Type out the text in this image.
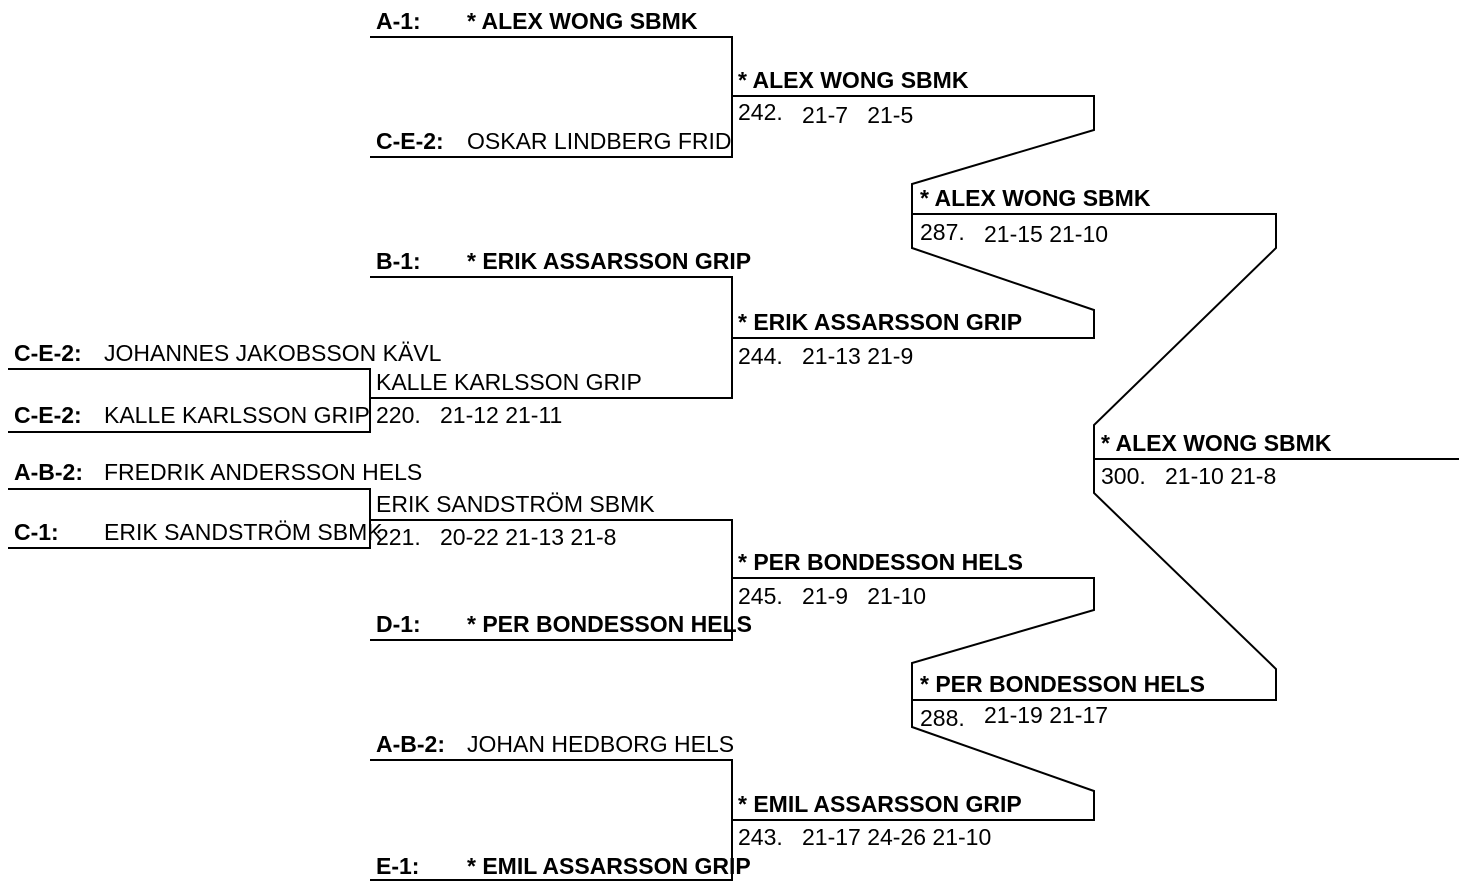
C-E-2: JOHANNES JAKOBSSON KÄVL
C-E-2: KALLE KARLSSON GRIP
A-B-2: FREDRIK ANDERSSON HELS
C-1: ERIK SANDSTRÖM SBMK
KALLE KARLSSON GRIP
220. 21-12 21-11
ERIK SANDSTRÖM SBMK
221. 20-22 21-13 21-8
A-1: * ALEX WONG SBMK
C-E-2: OSKAR LINDBERG FRID
B-1: * ERIK ASSARSSON GRIP
D-1: * PER BONDESSON HELS
A-B-2: JOHAN HEDBORG HELS
E-1: * EMIL ASSARSSON GRIP
* ALEX WONG SBMK
242. 21-7   21-5
* ERIK ASSARSSON GRIP
244. 21-13 21-9
* PER BONDESSON HELS
245. 21-9   21-10
* EMIL ASSARSSON GRIP
243. 21-17 24-26 21-10
* ALEX WONG SBMK
287. 21-15 21-10
* PER BONDESSON HELS
288. 21-19 21-17
* ALEX WONG SBMK
300. 21-10 21-8
